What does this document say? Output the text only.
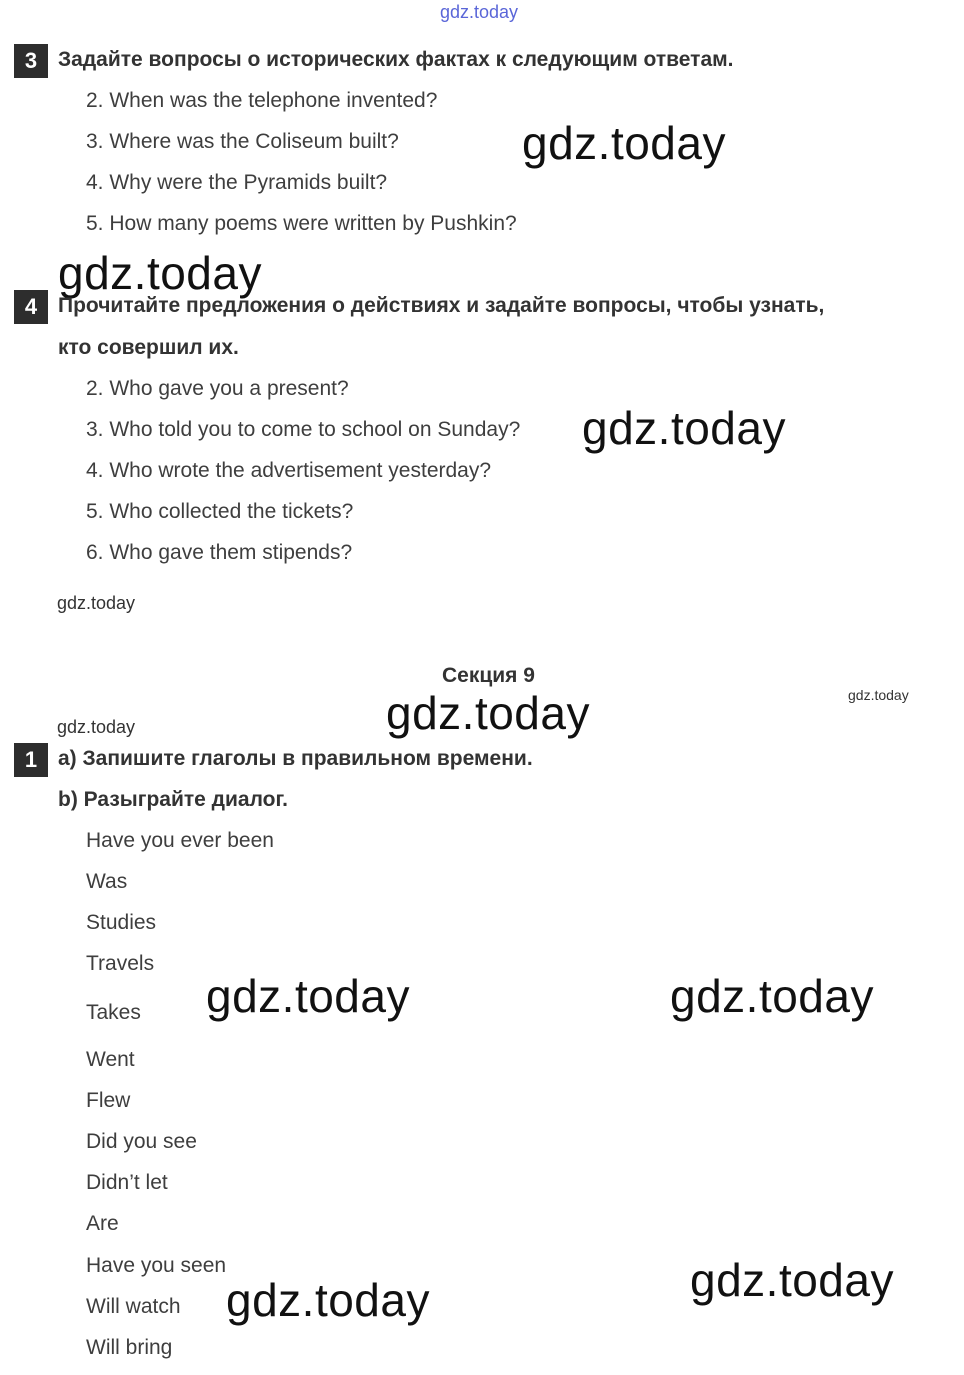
gdz.today
3 Задайте вопросы о исторических фактах к следующим ответам.
2. When was the telephone invented?
3. Where was the Coliseum built?
4. Why were the Pyramids built?
5. How many poems were written by Pushkin?
gdz.today
gdz.today
4 Прочитайте предложения о действиях и задайте вопросы, чтобы узнать,
кто совершил их.
2. Who gave you a present?
3. Who told you to come to school on Sunday?
4. Who wrote the advertisement yesterday?
5. Who collected the tickets?
6. Who gave them stipends?
gdz.today
gdz.today
Секция 9
gdz.today
gdz.today
gdz.today
1 a) Запишите глаголы в правильном времени.
b) Разыграйте диалог.
Have you ever been
Was
Studies
Travels
Takes
Went
Flew
Did you see
Didn’t let
Are
Have you seen
Will watch
Will bring
gdz.today	gdz.today
gdz.today
gdz.today
